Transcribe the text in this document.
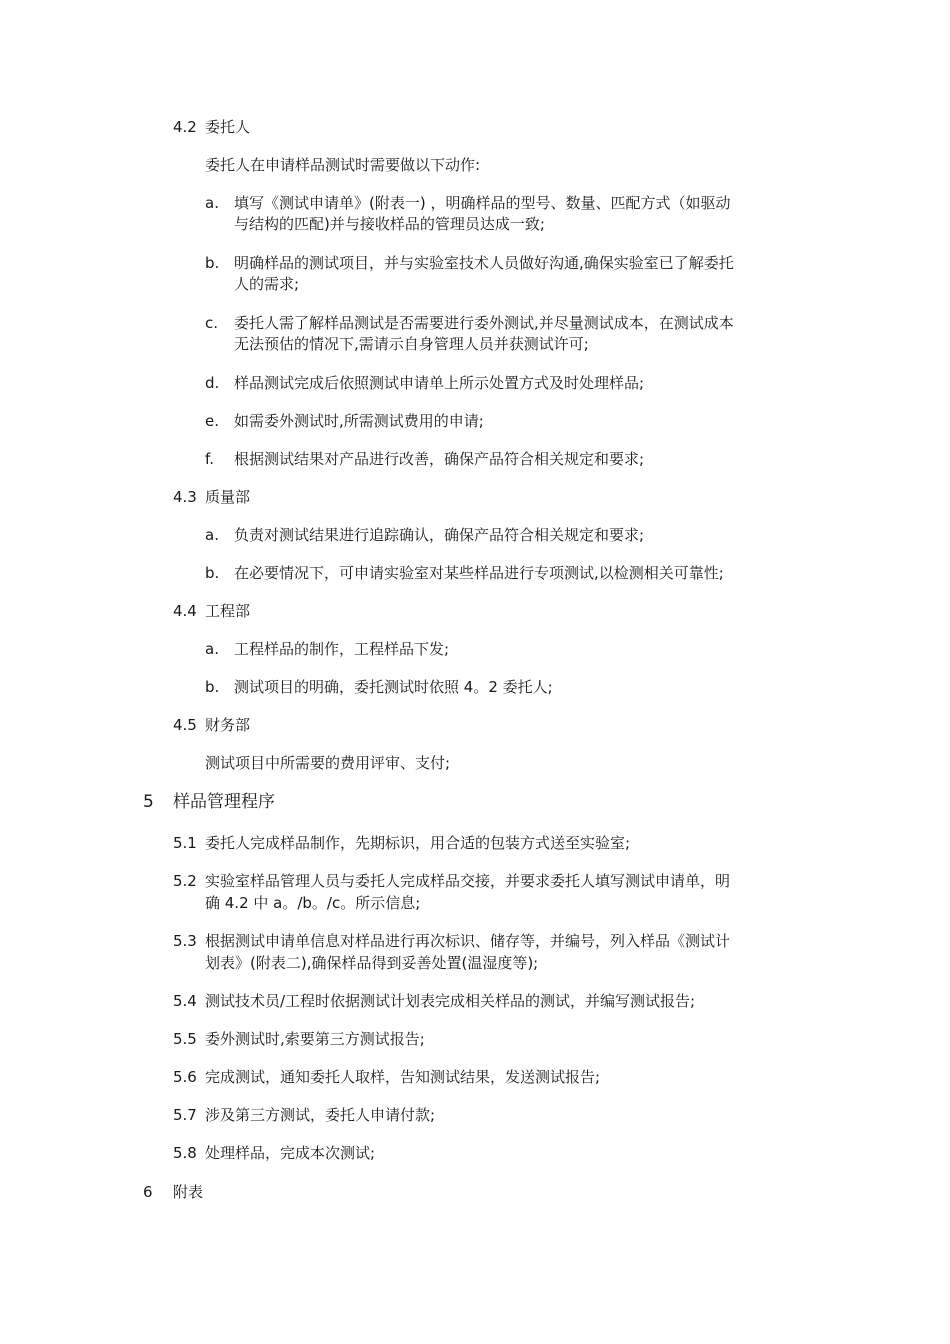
4.2 委托人
委托人在申请样品测试时需要做以下动作:
a. 填写《测试申请单》(附表一) ，明确样品的型号、数量、匹配方式（如驱动
与结构的匹配)并与接收样品的管理员达成一致;
b. 明确样品的测试项目，并与实验室技术人员做好沟通,确保实验室已了解委托
人的需求;
c. 委托人需了解样品测试是否需要进行委外测试,并尽量测试成本，在测试成本
无法预估的情况下,需请示自身管理人员并获测试许可;
d. 样品测试完成后依照测试申请单上所示处置方式及时处理样品;
e. 如需委外测试时,所需测试费用的申请;
f. 根据测试结果对产品进行改善，确保产品符合相关规定和要求;
4.3 质量部
a. 负责对测试结果进行追踪确认，确保产品符合相关规定和要求;
b. 在必要情况下，可申请实验室对某些样品进行专项测试,以检测相关可靠性;
4.4 工程部
a. 工程样品的制作，工程样品下发;
b. 测试项目的明确，委托测试时依照 4。2 委托人;
4.5 财务部
测试项目中所需要的费用评审、支付;
5 样品管理程序
5.1 委托人完成样品制作，先期标识，用合适的包装方式送至实验室;
5.2 实验室样品管理人员与委托人完成样品交接，并要求委托人填写测试申请单，明
确 4.2 中 a。/b。/c。所示信息;
5.3 根据测试申请单信息对样品进行再次标识、储存等，并编号，列入样品《测试计
划表》(附表二),确保样品得到妥善处置(温湿度等);
5.4 测试技术员/工程时依据测试计划表完成相关样品的测试，并编写测试报告;
5.5 委外测试时,索要第三方测试报告;
5.6 完成测试，通知委托人取样，告知测试结果，发送测试报告;
5.7 涉及第三方测试，委托人申请付款;
5.8 处理样品，完成本次测试;
6 附表
